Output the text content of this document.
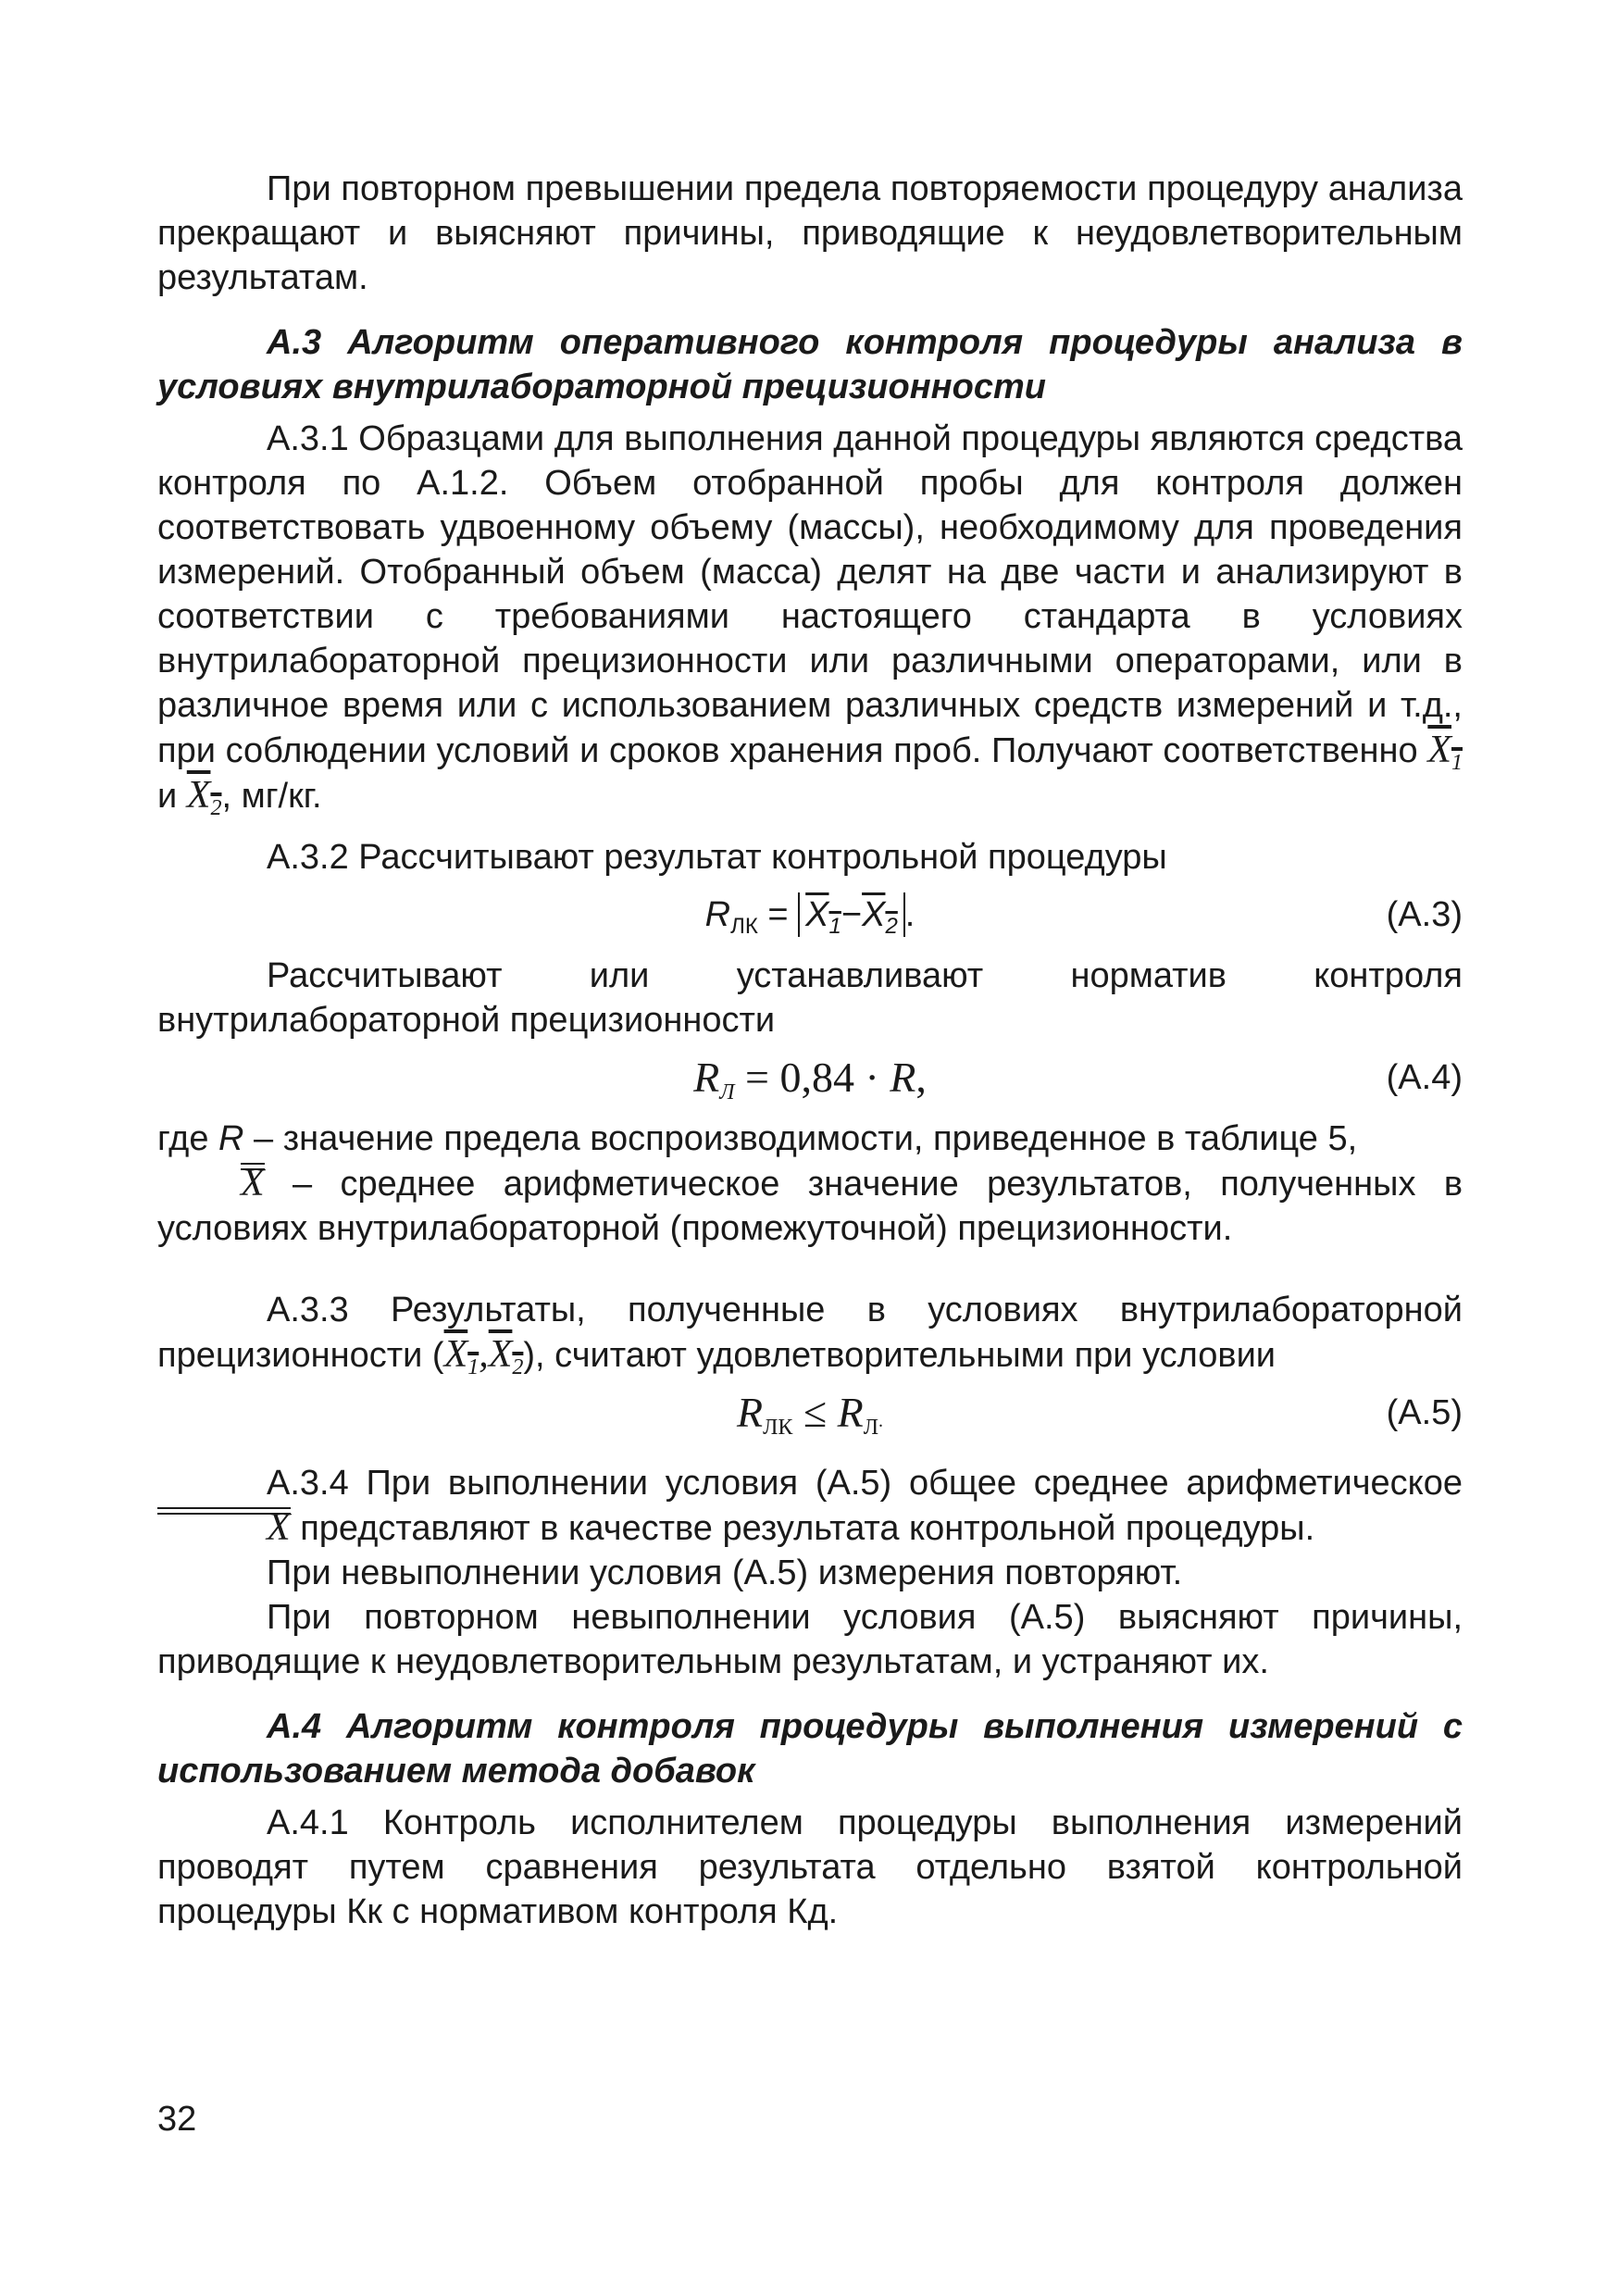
При повторном превышении предела повторяемости процедуру анализа прекращают и выясняют причины, приводящие к неудовлетворительным результатам.

А.3 Алгоритм оперативного контроля процедуры анализа в условиях внутрилабораторной прецизионности

А.3.1 Образцами для выполнения данной процедуры являются средства контроля по А.1.2. Объем отобранной пробы для контроля должен соответствовать удвоенному объему (массы), необходимому для проведения измерений. Отобранный объем (масса) делят на две части и анализируют в соответствии с требованиями настоящего стандарта в условиях внутрилабораторной прецизионности или различными операторами, или в различное время или с использованием различных средств измерений и т.д., при соблюдении условий и сроков хранения проб. Получают соответственно $X_1$ и $X_2$, мг/кг.

А.3.2 Рассчитывают результат контрольной процедуры

$R_{ЛК} = X_1-X_2$ .	(А.3)

Рассчитывают или устанавливают норматив контроля внутрилабораторной прецизионности

$R_Л = 0,84 \cdot R$,	(А.4)

где R – значение предела воспроизводимости, приведенное в таблице 5,

X – среднее арифметическое значение результатов, полученных в условиях внутрилабораторной (промежуточной) прецизионности.

А.3.3 Результаты, полученные в условиях внутрилабораторной прецизионности $(X_1,X_2)$, считают удовлетворительными при условии

$R_{ЛК} \le R_Л$.	(А.5)

А.3.4 При выполнении условия (А.5) общее среднее арифметическое X представляют в качестве результата контрольной процедуры.

При невыполнении условия (А.5) измерения повторяют.

При повторном невыполнении условия (А.5) выясняют причины, приводящие к неудовлетворительным результатам, и устраняют их.

А.4 Алгоритм контроля процедуры выполнения измерений с использованием метода добавок

А.4.1 Контроль исполнителем процедуры выполнения измерений проводят путем сравнения результата отдельно взятой контрольной процедуры Кк с нормативом контроля Кд.

32
